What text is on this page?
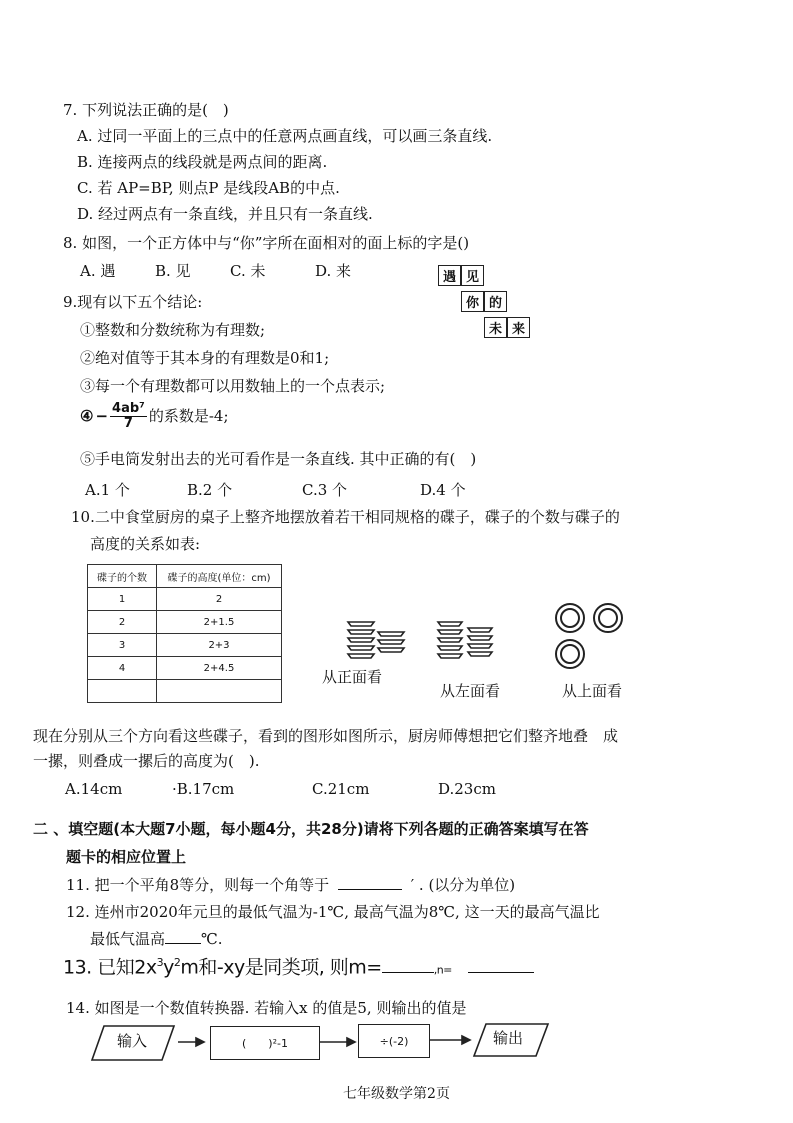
7. 下列说法正确的是(　)
A. 过同一平面上的三点中的任意两点画直线，可以画三条直线.
B. 连接两点的线段就是两点间的距离.
C. 若 AP=BP, 则点P 是线段AB的中点.
D. 经过两点有一条直线，并且只有一条直线.
8. 如图，一个正方体中与“你”字所在面相对的面上标的字是()
A. 遇	B. 见	C. 未	D. 来	遇 见
你 的
未 来
9.现有以下五个结论:
①整数和分数统称为有理数;
②绝对值等于其本身的有理数是0和1;
③每一个有理数都可以用数轴上的一个点表示;
④ − $\frac{\text{4ab⁷}}{7}$ 的系数是-4;
⑤手电筒发射出去的光可看作是一条直线. 其中正确的有(　)
A.1 个	B.2 个	C.3 个	D.4 个
10.二中食堂厨房的桌子上整齐地摆放着若干相同规格的碟子，碟子的个数与碟子的
高度的关系如表:
碟子的个数	碟子的高度(单位：cm)
1	2
2	2+1.5
3	2+3
4	2+4.5
		从正面看
从左面看	从上面看
现在分别从三个方向看这些碟子，看到的图形如图所示，厨房师傅想把它们整齐地叠　成
一摞，则叠成一摞后的高度为(　).
A.14cm	·B.17cm	C.21cm	D.23cm
二 、填空题(本大题7小题，每小题4分，共28分)请将下列各题的正确答案填写在答
题卡的相应位置上
11. 把一个平角8等分，则每一个角等于	′ . (以分为单位)
12. 连州市2020年元旦的最低气温为-1℃, 最高气温为8℃, 这一天的最高气温比
最低气温高 ℃.
13. 已知$2x^3y^2m$和-xy是同类项, 则m=	,n=
14. 如图是一个数值转换器. 若输入x 的值是5, 则输出的值是
输入	(　　)²-1	÷(-2)	输出
七年级数学第2页
